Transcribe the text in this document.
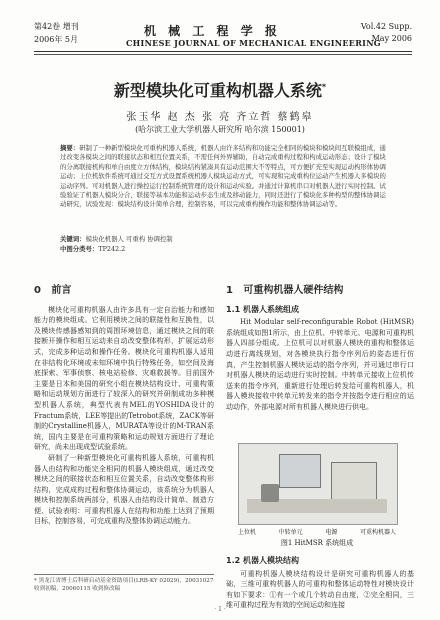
第42卷 增刊
2006年 5月
机 械 工 程 学 报
CHINESE JOURNAL OF MECHANICAL ENGINEERING
Vol.42 Supp.
May 2006
新型模块化可重构机器人系统*
张玉华 赵 杰 张 亮 齐立哲 蔡鹤皋
(哈尔滨工业大学机器人研究所 哈尔滨 150001)
摘要：研制了一种新型模块化可重构机器人系统，机器人由许多结构和功能完全相同的模块和模块间互联模组成，通过改变各模块之间的联接状态和相互位置关系，不需任何外界辅助，自动完成重构过程和构成运动形态；设计了模块的分离联接机构和单自由度立方体结构，模块结构紧凑具有运动范围大不等特点，可方便扩充至实现运动构形体协调运动；上位机软件系统可通过交互方式设置系统机器人模块运动方式，可实现和完成重构位运动产生机器人多模块的运动序列。可对机器人进行操控运行控制系统管理的设计和运动实验。并通过计算机串口对机器人进行实时控制。试验验证了机器人模块分合、联接等基本功能和运动步态生成及移动能力，同时还进行了模块化多种构型的整体协调运动研究，试验发现：模块结构设计简单合理，控制容易，可以完成重构操作功能和整体协调运动等。
关键词：模块化机器人 可重构 协调控制
中图分类号：TP242.2
0 前言

模块化可重构机器人由许多具有一定自治能力和感知能力的模块组成。它利用模块之间的联接性和互换性，以及模块传感器感知到的周围环境信息，通过模块之间的联接断开操作和相互运动来自动改变整体构形，扩展运动形式，完成多种运动和操作任务。模块化可重构机器人适用在非结构化环境或未知环境中执行特殊任务，如空间及海底探索、军事侦察、核电站检修、灾难救援等。目前国外主要是日本和美国的研究小组在模块结构设计、可重构策略和运动规划方面进行了较深入的研究并研制成功多种模型机器人系统，典型代表有MEL的YOSHIDA设计的Fractum系统，LEE等提出的Tetrobot系统，ZACK等研制的Crystalline机器人，MURATA等设计的M-TRAN系统，国内主要是在可重构策略和运动规划方面进行了理论研究，尚未出现成型试验系统。

研制了一种新型模块化可重构机器人系统，可重构机器人由结构和功能完全相同的机器人模块组成，通过改变模块之间的联接状态和相互位置关系，自动改变整体构形结构，完成成构过程和整体协调运动，该系统分为机器人模块和控制系统两部分，机器人由结构设计简单、制造方便、试验表明：可重构机器人在结构和功能上达到了预期目标，控制容易，可完成重构及整体协调运动能力。

1 可重构机器人硬件结构
1.1 机器人系统组成

Hit Modular self-reconfigurable Robot (HitMSR)系统组成如图1所示，由上位机、中转单元、电源和可重构机器人四部分组成。上位机可以对机器人模块的重构和整体运动进行离线规划，对各模块执行指令序列后的姿态进行仿真，产生控制机器人模块运动的指令序列，并可通过串行口对机器人模块的运动进行实时控制。中转单元接收上位机传送来的指令序列，重新进行处理后转发给可重构机器人，机器人模块接收中转单元转发来的指令并按指令进行相应的运动动作，外部电源对所有机器人模块进行供电。

上位机	中转单元	电源	可重构机器人
图1 HitMSR 系统组成
1.2 机器人模块结构

可重构机器人模块结构设计是研究可重构机器人的基础，三维可重构机器人的可重构和整体运动特性对模块设计有如下要求：①有一个或几个转动自由度，②完全相同，三维可重构过程为有效的空间运动和连接

* 黑龙江省博士后科研启动基金资助项目(LRB-KY 02029)，20031027 收到初稿，20060115 收到修改稿
· 1 ·
